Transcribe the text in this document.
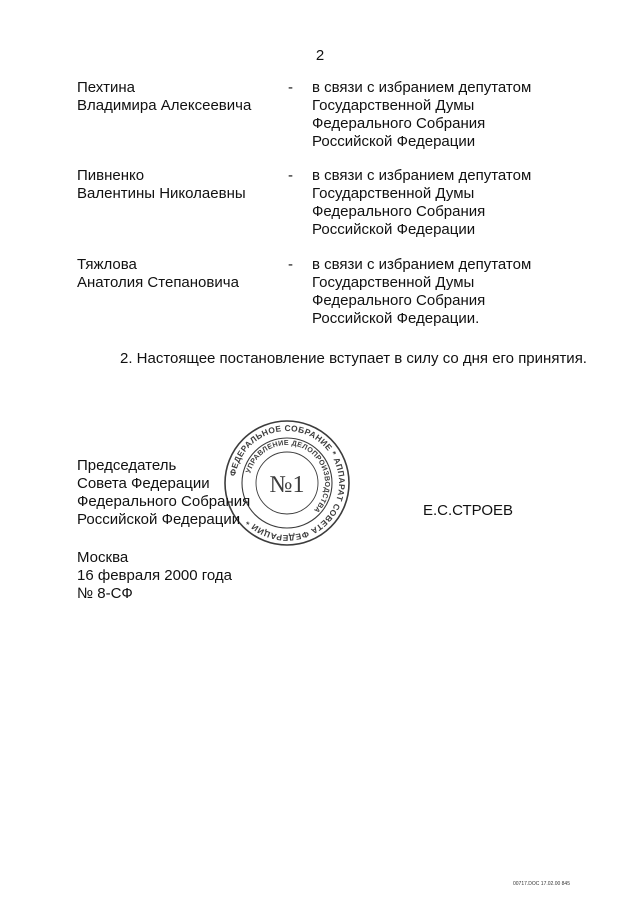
2
Пехтина
Владимира Алексеевича
- в связи с избранием депутатом
Государственной Думы
Федерального Собрания
Российской Федерации
Пивненко
Валентины Николаевны
- в связи с избранием депутатом
Государственной Думы
Федерального Собрания
Российской Федерации
Тяжлова
Анатолия Степановича
- в связи с избранием депутатом
Государственной Думы
Федерального Собрания
Российской Федерации.
2. Настоящее постановление вступает в силу со дня его принятия.
ФЕДЕРАЛЬНОЕ СОБРАНИЕ * АППАРАТ СОВЕТА ФЕДЕРАЦИИ *
УПРАВЛЕНИЕ ДЕЛОПРОИЗВОДСТВА
№1
Председатель
Совета Федерации
Федерального Собрания
Российской Федерации
Е.С.СТРОЕВ
Москва
16 февраля 2000 года
№ 8-СФ
00717.DOC 17.02.00 845
